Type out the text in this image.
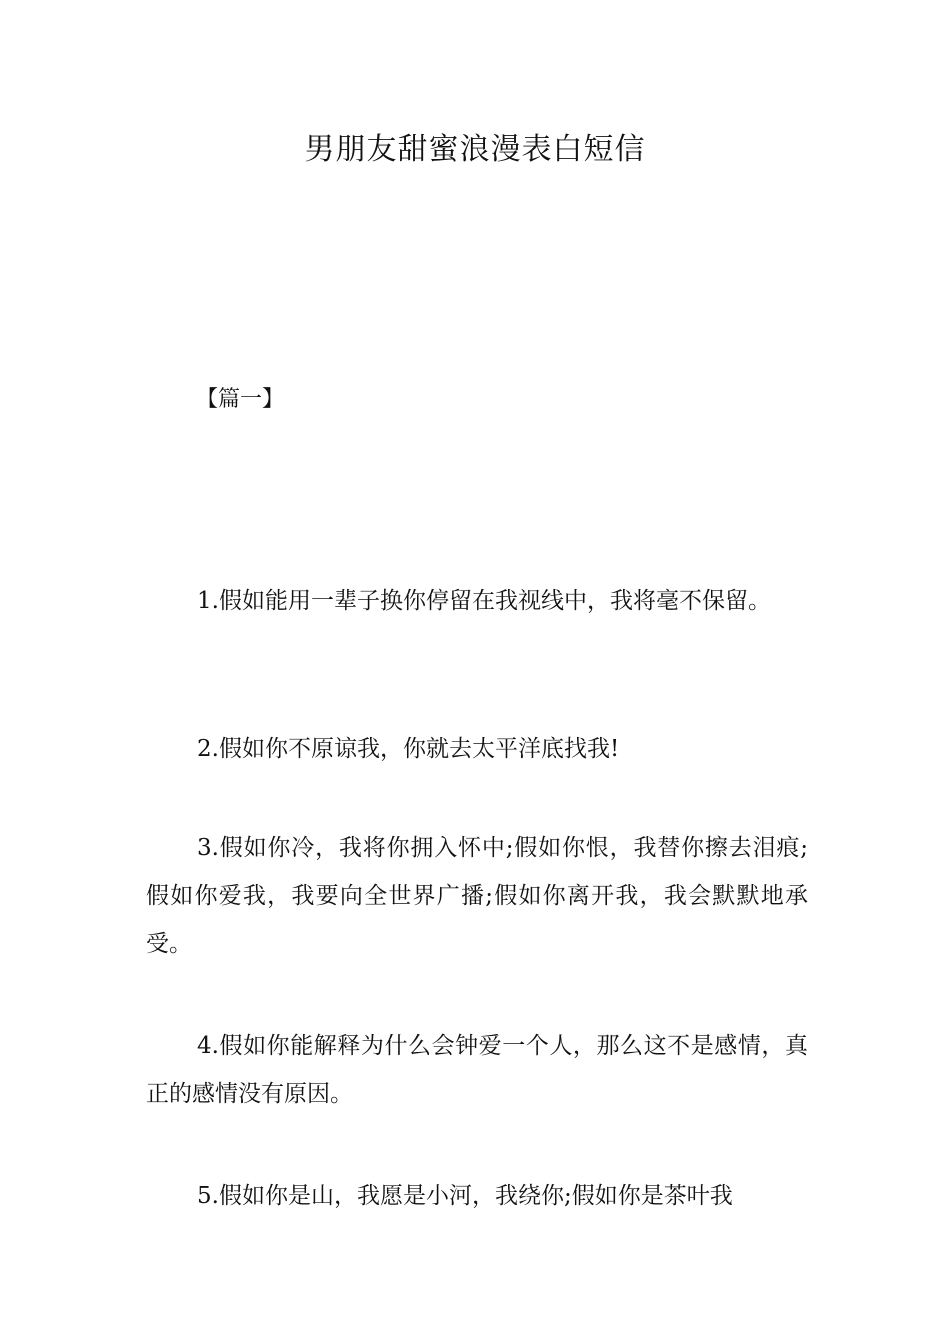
男朋友甜蜜浪漫表白短信

【篇一】

1.假如能用一辈子换你停留在我视线中，我将毫不保留。

2.假如你不原谅我，你就去太平洋底找我!

3.假如你冷，我将你拥入怀中;假如你恨，我替你擦去泪痕;假如你爱我，我要向全世界广播;假如你离开我，我会默默地承受。

4.假如你能解释为什么会钟爱一个人，那么这不是感情，真正的感情没有原因。

5.假如你是山，我愿是小河，我绕你;假如你是茶叶我
